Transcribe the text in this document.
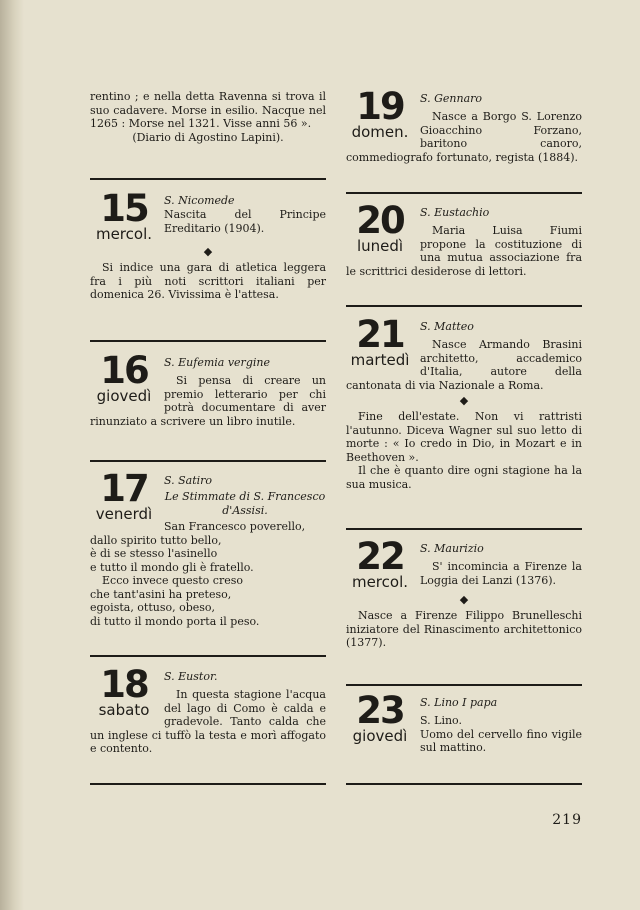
rentino ; e nella detta Ravenna si trova il suo cadavere. Morse in esilio. Nacque nel 1265 : Morse nel 1321. Visse anni 56 ».

(Diario di Agostino Lapini).

15
mercol.

S. Nicomede

Nascita del Principe Ereditario (1904).

◆

Si indice una gara di atletica leggera fra i più noti scrittori italiani per domenica 26. Vivissima è l'attesa.

16
giovedì

S. Eufemia vergine

Si pensa di creare un premio letterario per chi potrà documentare di aver rinunziato a scrivere un libro inutile.

17
venerdì

S. Satiro

Le Stimmate di S. Francesco d'Assisi.

San Francesco poverello,

dallo spirito tutto bello,

è di se stesso l'asinello

e tutto il mondo gli è fratello.

Ecco invece questo creso

che tant'asini ha preteso,

egoista, ottuso, obeso,

di tutto il mondo porta il peso.

18
sabato

S. Eustor.

In questa stagione l'acqua del lago di Como è calda e gradevole. Tanto calda che un inglese ci tuffò la testa e morì affogato e contento.

19
domen.

S. Gennaro

Nasce a Borgo S. Lorenzo Gioacchino Forzano, baritono canoro, commediografo fortunato, regista (1884).

20
lunedì

S. Eustachio

Maria Luisa Fiumi propone la costituzione di una mutua associazione fra le scrittrici desiderose di lettori.

21
martedì

S. Matteo

Nasce Armando Brasini architetto, accademico d'Italia, autore della cantonata di via Nazionale a Roma.

◆

Fine dell'estate. Non vi rattristi l'autunno. Diceva Wagner sul suo letto di morte : « Io credo in Dio, in Mozart e in Beethoven ».

Il che è quanto dire ogni stagione ha la sua musica.

22
mercol.

S. Maurizio

S' incomincia a Firenze la Loggia dei Lanzi (1376).

◆

Nasce a Firenze Filippo Brunelleschi iniziatore del Rinascimento architettonico (1377).

23
giovedì

S. Lino I papa

S. Lino.

Uomo del cervello fino vigile sul mattino.

219
